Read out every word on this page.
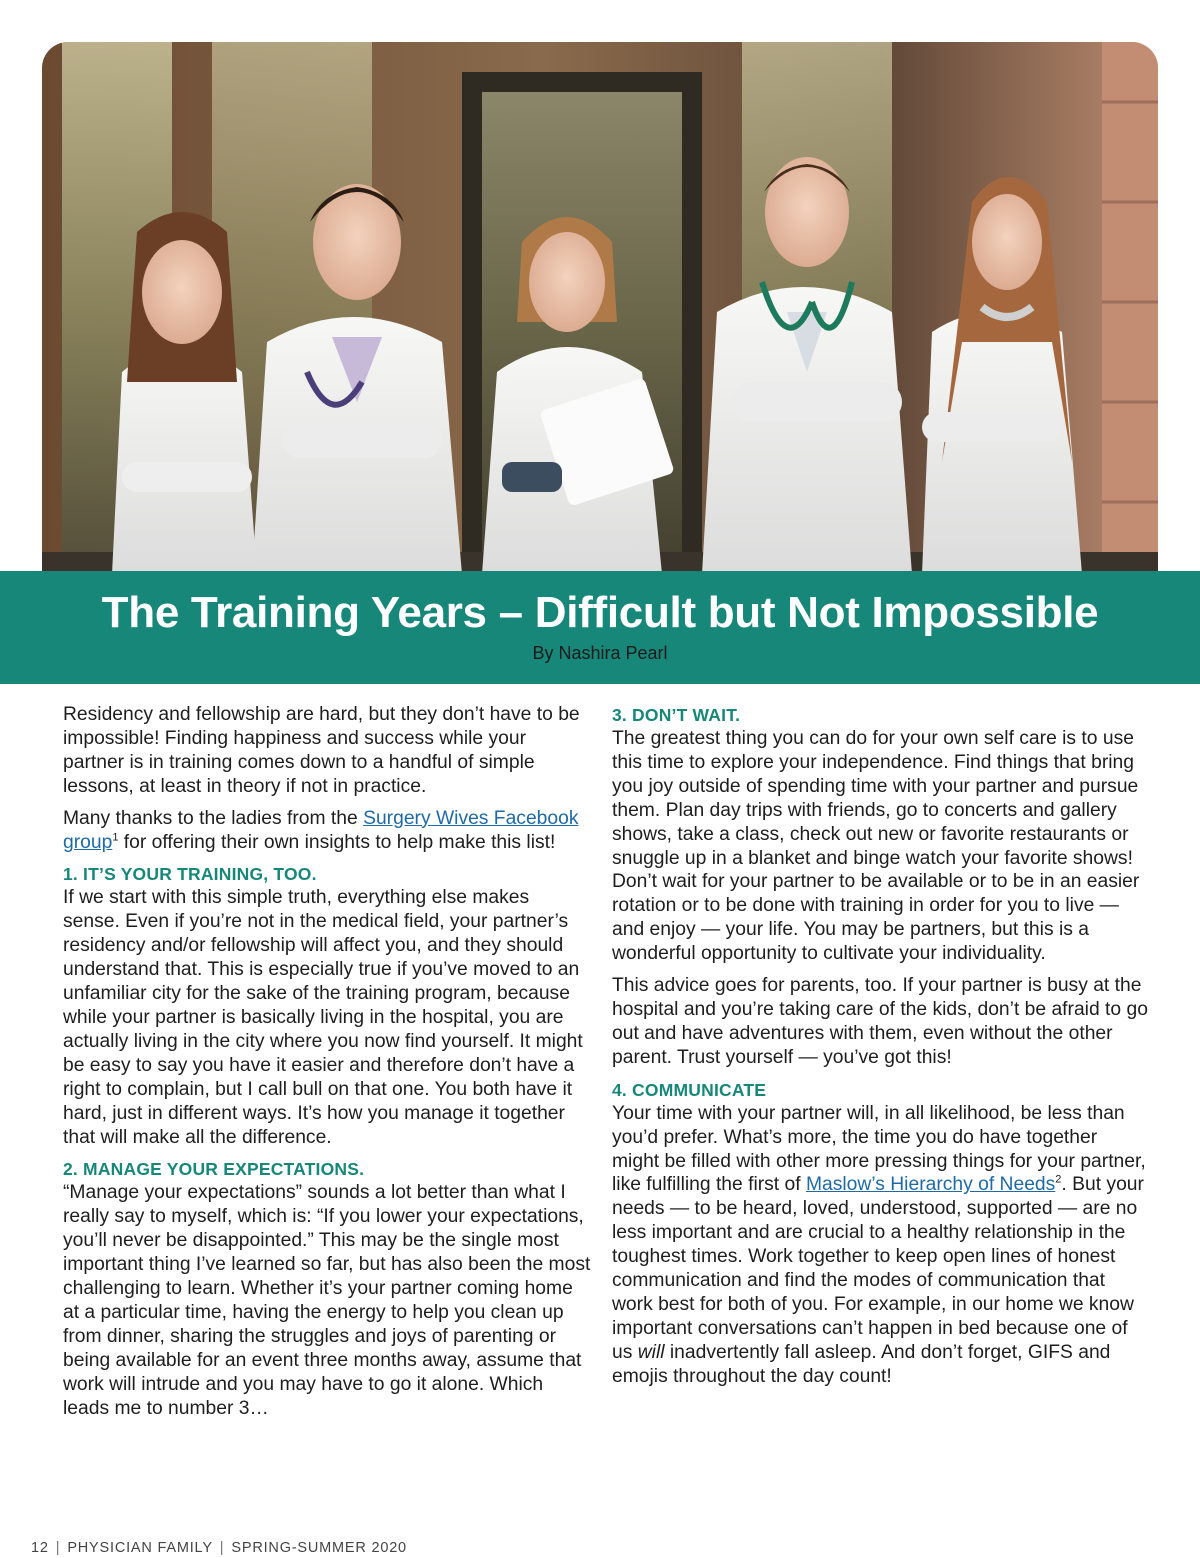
The Training Years – Difficult but Not Impossible
By Nashira Pearl

Residency and fellowship are hard, but they don’t have to be impossible! Finding happiness and success while your partner is in training comes down to a handful of simple lessons, at least in theory if not in practice.

Many thanks to the ladies from the Surgery Wives Facebook group$^1$ for offering their own insights to help make this list!

1. IT’S YOUR TRAINING, TOO.

If we start with this simple truth, everything else makes sense. Even if you’re not in the medical field, your partner’s residency and/or fellowship will affect you, and they should understand that. This is especially true if you’ve moved to an unfamiliar city for the sake of the training program, because while your partner is basically living in the hospital, you are actually living in the city where you now find yourself. It might be easy to say you have it easier and therefore don’t have a right to complain, but I call bull on that one. You both have it hard, just in different ways. It’s how you manage it together that will make all the difference.

2. MANAGE YOUR EXPECTATIONS.

“Manage your expectations” sounds a lot better than what I really say to myself, which is: “If you lower your expectations, you’ll never be disappointed.” This may be the single most important thing I’ve learned so far, but has also been the most challenging to learn. Whether it’s your partner coming home at a particular time, having the energy to help you clean up from dinner, sharing the struggles and joys of parenting or being available for an event three months away, assume that work will intrude and you may have to go it alone. Which leads me to number 3…

3. DON’T WAIT.

The greatest thing you can do for your own self care is to use this time to explore your independence. Find things that bring you joy outside of spending time with your partner and pursue them. Plan day trips with friends, go to concerts and gallery shows, take a class, check out new or favorite restaurants or snuggle up in a blanket and binge watch your favorite shows! Don’t wait for your partner to be available or to be in an easier rotation or to be done with training in order for you to live — and enjoy — your life. You may be partners, but this is a wonderful opportunity to cultivate your individuality.

This advice goes for parents, too. If your partner is busy at the hospital and you’re taking care of the kids, don’t be afraid to go out and have adventures with them, even without the other parent. Trust yourself — you’ve got this!

4. COMMUNICATE

Your time with your partner will, in all likelihood, be less than you’d prefer. What’s more, the time you do have together might be filled with other more pressing things for your partner, like fulfilling the first of Maslow’s Hierarchy of Needs$^2$. But your needs — to be heard, loved, understood, supported — are no less important and are crucial to a healthy relationship in the toughest times. Work together to keep open lines of honest communication and find the modes of communication that work best for both of you. For example, in our home we know important conversations can’t happen in bed because one of us will inadvertently fall asleep. And don’t forget, GIFS and emojis throughout the day count!

12 | PHYSICIAN FAMILY | SPRING-SUMMER 2020
